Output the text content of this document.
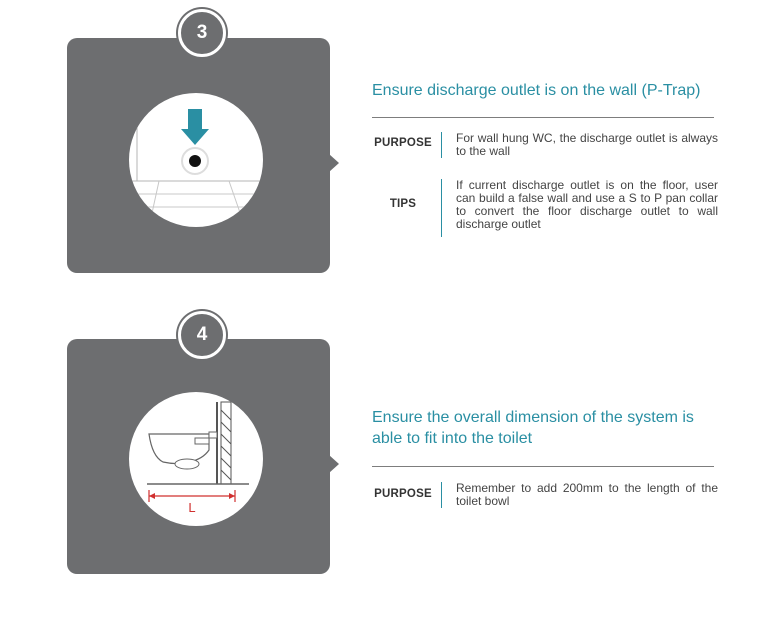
3
Ensure discharge outlet is on the wall (P-Trap)
PURPOSE For wall hung WC, the discharge outlet is always to the wall
TIPS
If current discharge outlet is on the floor, user can build a false wall and use a S to P pan collar to convert the floor discharge outlet to wall discharge outlet
L
4
Ensure the overall dimension of the system is able to fit into the toilet
PURPOSE Remember to add 200mm to the length of the toilet bowl
